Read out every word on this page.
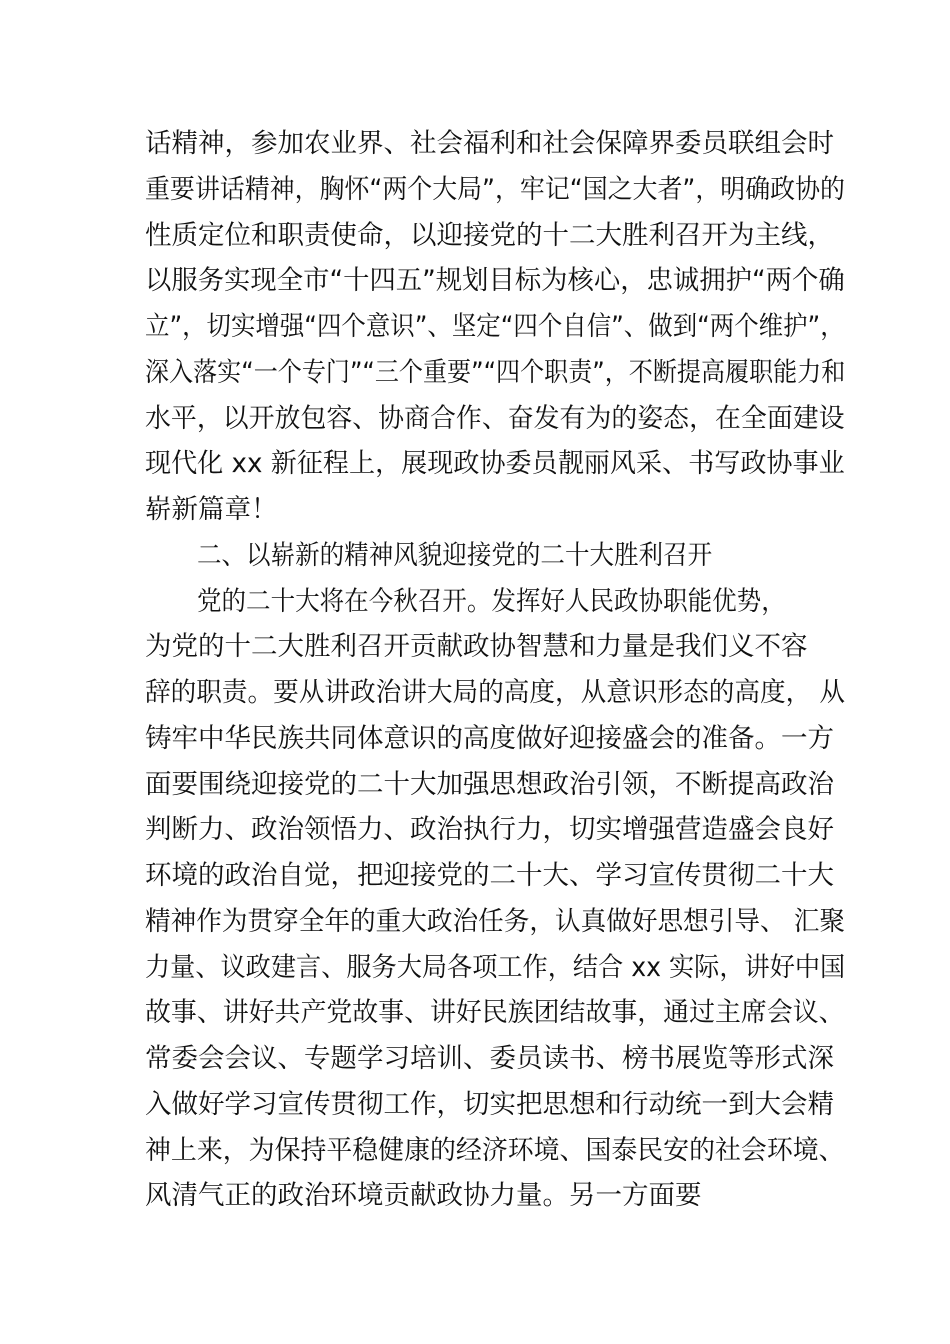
话精神，参加农业界、社会福利和社会保障界委员联组会时
重要讲话精神，胸怀“两个大局”，牢记“国之大者”，明确政协的
性质定位和职责使命，以迎接党的十二大胜利召开为主线，
以服务实现全市“十四五”规划目标为核心，忠诚拥护“两个确
立”，切实增强“四个意识”、坚定“四个自信”、做到“两个维护”，
深入落实“一个专门”“三个重要”“四个职责”，不断提高履职能力和
水平，以开放包容、协商合作、奋发有为的姿态，在全面建设
现代化 xx 新征程上，展现政协委员靓丽风采、书写政协事业
崭新篇章！
二、以崭新的精神风貌迎接党的二十大胜利召开
党的二十大将在今秋召开。发挥好人民政协职能优势，
为党的十二大胜利召开贡献政协智慧和力量是我们义不容
辞的职责。要从讲政治讲大局的高度，从意识形态的高度， 从
铸牢中华民族共同体意识的高度做好迎接盛会的准备。一方
面要围绕迎接党的二十大加强思想政治引领，不断提高政治
判断力、政治领悟力、政治执行力，切实增强营造盛会良好
环境的政治自觉，把迎接党的二十大、学习宣传贯彻二十大
精神作为贯穿全年的重大政治任务，认真做好思想引导、 汇聚
力量、议政建言、服务大局各项工作，结合 xx 实际，讲好中国
故事、讲好共产党故事、讲好民族团结故事，通过主席会议、
常委会会议、专题学习培训、委员读书、榜书展览等形式深
入做好学习宣传贯彻工作，切实把思想和行动统一到大会精
神上来，为保持平稳健康的经济环境、国泰民安的社会环境、
风清气正的政治环境贡献政协力量。另一方面要
